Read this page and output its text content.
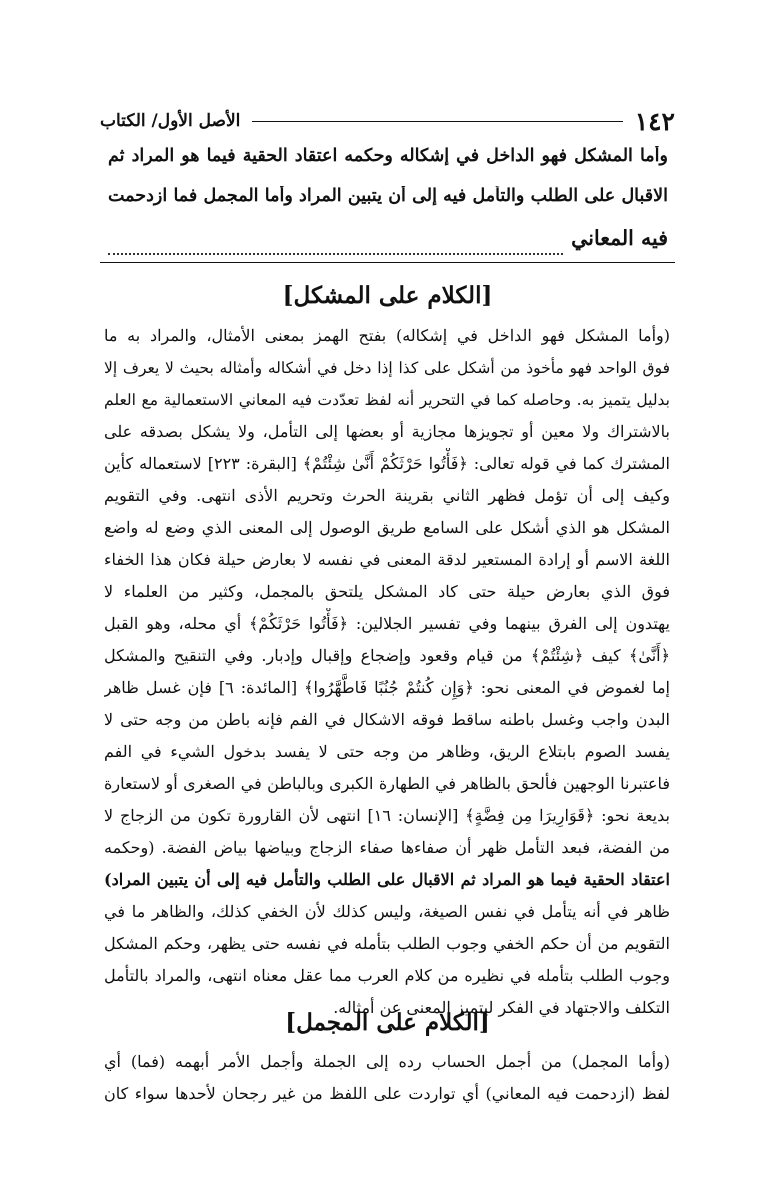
١٤٢
الأصل الأول/ الكتاب
وأما المشكل فهو الداخل في إشكاله وحكمه اعتقاد الحقية فيما هو المراد ثم
الاقبال على الطلب والتأمل فيه إلى أن يتبين المراد وأما المجمل فما ازدحمت
فيه المعاني
[الكلام على المشكل]
(وأما المشكل فهو الداخل في إشكاله) بفتح الهمز بمعنى الأمثال، والمراد به ما
فوق الواحد فهو مأخوذ من أشكل على كذا إذا دخل في أشكاله وأمثاله بحيث لا يعرف إلا
بدليل يتميز به. وحاصله كما في التحرير أنه لفظ تعدّدت فيه المعاني الاستعمالية مع العلم
بالاشتراك ولا معين أو تجويزها مجازية أو بعضها إلى التأمل، ولا يشكل بصدقه على
المشترك كما في قوله تعالى: ﴿فَأْتُوا حَرْثَكُمْ أَنَّىٰ شِئْتُمْ﴾ [البقرة: ٢٢٣] لاستعماله كأين
وكيف إلى أن تؤمل فظهر الثاني بقرينة الحرث وتحريم الأذى انتهى. وفي التقويم
المشكل هو الذي أشكل على السامع طريق الوصول إلى المعنى الذي وضع له واضع
اللغة الاسم أو إرادة المستعير لدقة المعنى في نفسه لا بعارض حيلة فكان هذا الخفاء
فوق الذي بعارض حيلة حتى كاد المشكل يلتحق بالمجمل، وكثير من العلماء لا
يهتدون إلى الفرق بينهما وفي تفسير الجلالين: ﴿فَأْتُوا حَرْثَكُمْ﴾ أي محله، وهو القبل
﴿أَنَّىٰ﴾ كيف ﴿شِئْتُمْ﴾ من قيام وقعود وإضجاع وإقبال وإدبار. وفي التنقيح والمشكل
إما لغموض في المعنى نحو: ﴿وَإِن كُنتُمْ جُنُبًا فَاطَّهَّرُوا﴾ [المائدة: ٦] فإن غسل ظاهر
البدن واجب وغسل باطنه ساقط فوقه الاشكال في الفم فإنه باطن من وجه حتى لا
يفسد الصوم بابتلاع الريق، وظاهر من وجه حتى لا يفسد بدخول الشيء في الفم
فاعتبرنا الوجهين فألحق بالظاهر في الطهارة الكبرى وبالباطن في الصغرى أو لاستعارة
بديعة نحو: ﴿قَوَارِيرَا مِن فِضَّةٍ﴾ [الإنسان: ١٦] انتهى لأن القارورة تكون من الزجاج لا
من الفضة، فبعد التأمل ظهر أن صفاءها صفاء الزجاج وبياضها بياض الفضة. (وحكمه
اعتقاد الحقية فيما هو المراد ثم الاقبال على الطلب والتأمل فيه إلى أن يتبين المراد)
ظاهر في أنه يتأمل في نفس الصيغة، وليس كذلك لأن الخفي كذلك، والظاهر ما في
التقويم من أن حكم الخفي وجوب الطلب بتأمله في نفسه حتى يظهر، وحكم المشكل
وجوب الطلب بتأمله في نظيره من كلام العرب مما عقل معناه انتهى، والمراد بالتأمل
التكلف والاجتهاد في الفكر ليتميز المعنى عن أمثاله.
[الكلام على المجمل]
(وأما المجمل) من أجمل الحساب رده إلى الجملة وأجمل الأمر أبهمه (فما) أي
لفظ (ازدحمت فيه المعاني) أي تواردت على اللفظ من غير رجحان لأحدها سواء كان
